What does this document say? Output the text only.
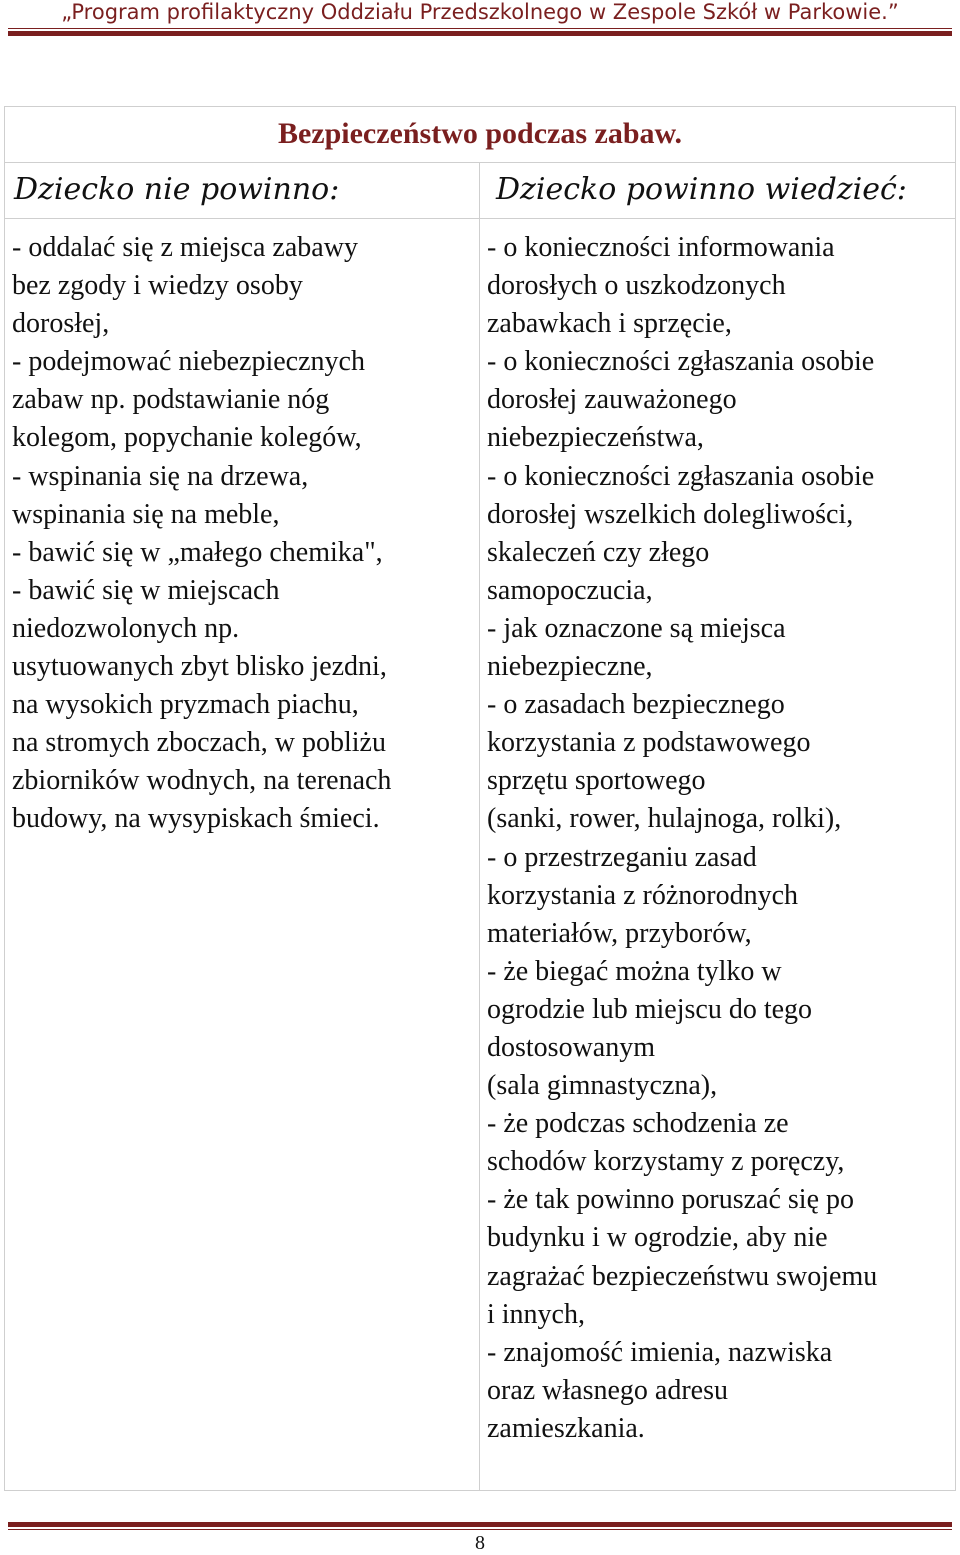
„Program profilaktyczny Oddziału Przedszkolnego w Zespole Szkół w Parkowie.”
Bezpieczeństwo podczas zabaw.
Dziecko nie powinno:	Dziecko powinno wiedzieć:
- oddalać się z miejsca zabawy
bez zgody i wiedzy osoby
dorosłej,
- podejmować niebezpiecznych
zabaw np. podstawianie nóg
kolegom, popychanie kolegów,
- wspinania się na drzewa,
wspinania się na meble,
- bawić się w „małego chemika",
- bawić się w miejscach
niedozwolonych np.
usytuowanych zbyt blisko jezdni,
na wysokich pryzmach piachu,
na stromych zboczach, w pobliżu
zbiorników wodnych, na terenach
budowy, na wysypiskach śmieci.
- o konieczności informowania
dorosłych o uszkodzonych
zabawkach i sprzęcie,
- o konieczności zgłaszania osobie
dorosłej zauważonego
niebezpieczeństwa,
- o konieczności zgłaszania osobie
dorosłej wszelkich dolegliwości,
skaleczeń czy złego
samopoczucia,
- jak oznaczone są miejsca
niebezpieczne,
- o zasadach bezpiecznego
korzystania z podstawowego
sprzętu sportowego
(sanki, rower, hulajnoga, rolki),
- o przestrzeganiu zasad
korzystania z różnorodnych
materiałów, przyborów,
- że biegać można tylko w
ogrodzie lub miejscu do tego
dostosowanym
(sala gimnastyczna),
- że podczas schodzenia ze
schodów korzystamy z poręczy,
- że tak powinno poruszać się po
budynku i w ogrodzie, aby nie
zagrażać bezpieczeństwu swojemu
i innych,
- znajomość imienia, nazwiska
oraz własnego adresu
zamieszkania.
8
